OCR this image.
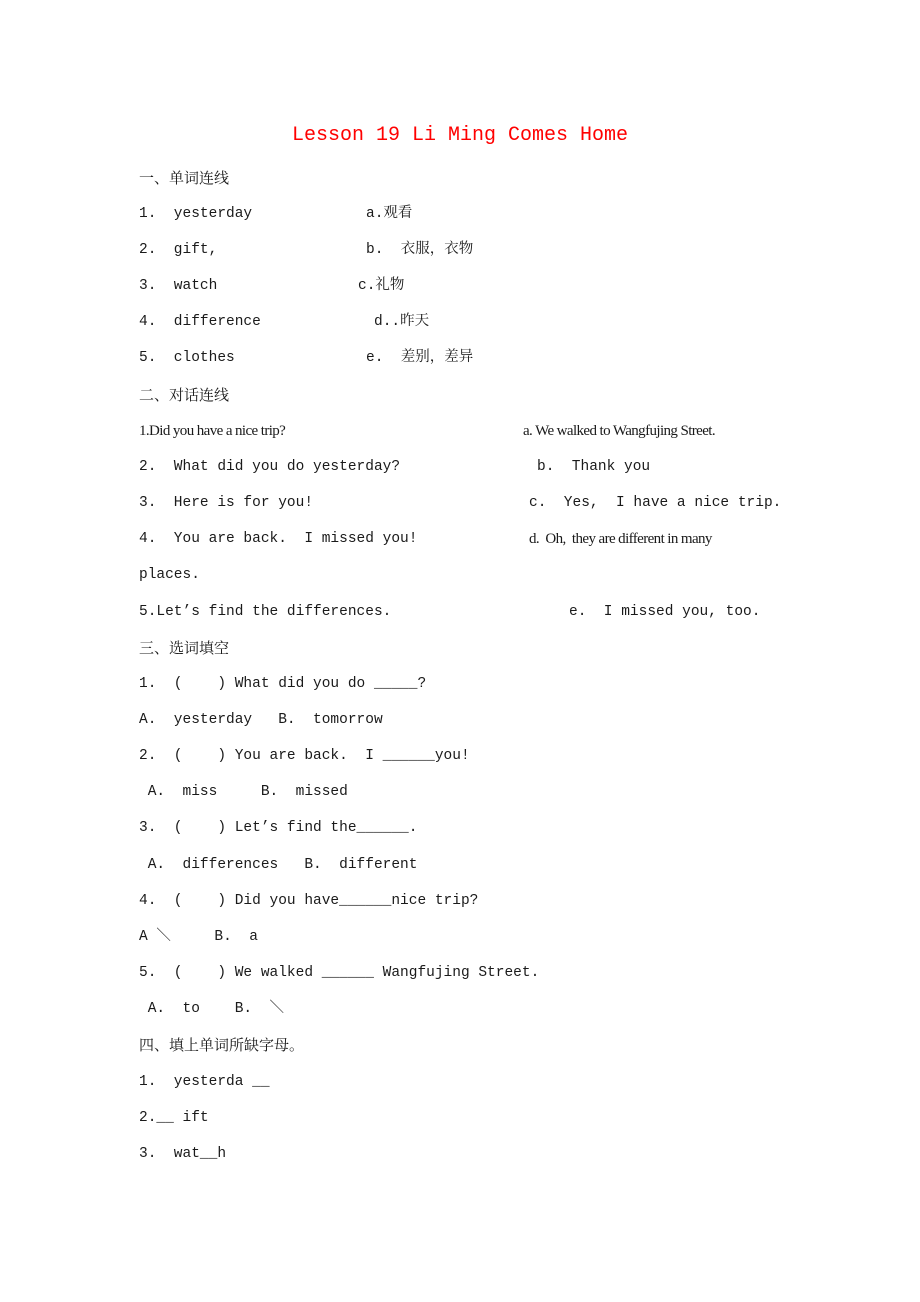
Lesson 19 Li Ming Comes Home
一、单词连线
1.  yesterday
2.  gift,
3.  watch
4.  difference
5.  clothes
a.观看
b.  衣服，衣物
c.礼物
d..昨天
e.  差别，差异
二、对话连线
1.Did you have a nice trip?
2.  What did you do yesterday?
3.  Here is for you!
4.  You are back.  I missed you!
places.
5.Let’s find the differences.
a. We walked to Wangfujing Street.
b.  Thank you
c.  Yes,  I have a nice trip.
d.  Oh,  they are different in many
e.  I missed you, too.
三、选词填空
1.  (    ) What did you do _____?
A.  yesterday   B.  tomorrow
2.  (    ) You are back.  I ______you!
A.  miss     B.  missed
3.  (    ) Let’s find the______.
A.  differences   B.  different
4.  (    ) Did you have______nice trip?
A ＼     B.  a
5.  (    ) We walked ______ Wangfujing Street.
A.  to    B.  ＼
四、填上单词所缺字母。
1.  yesterda __
2.__ ift
3.  wat__h
